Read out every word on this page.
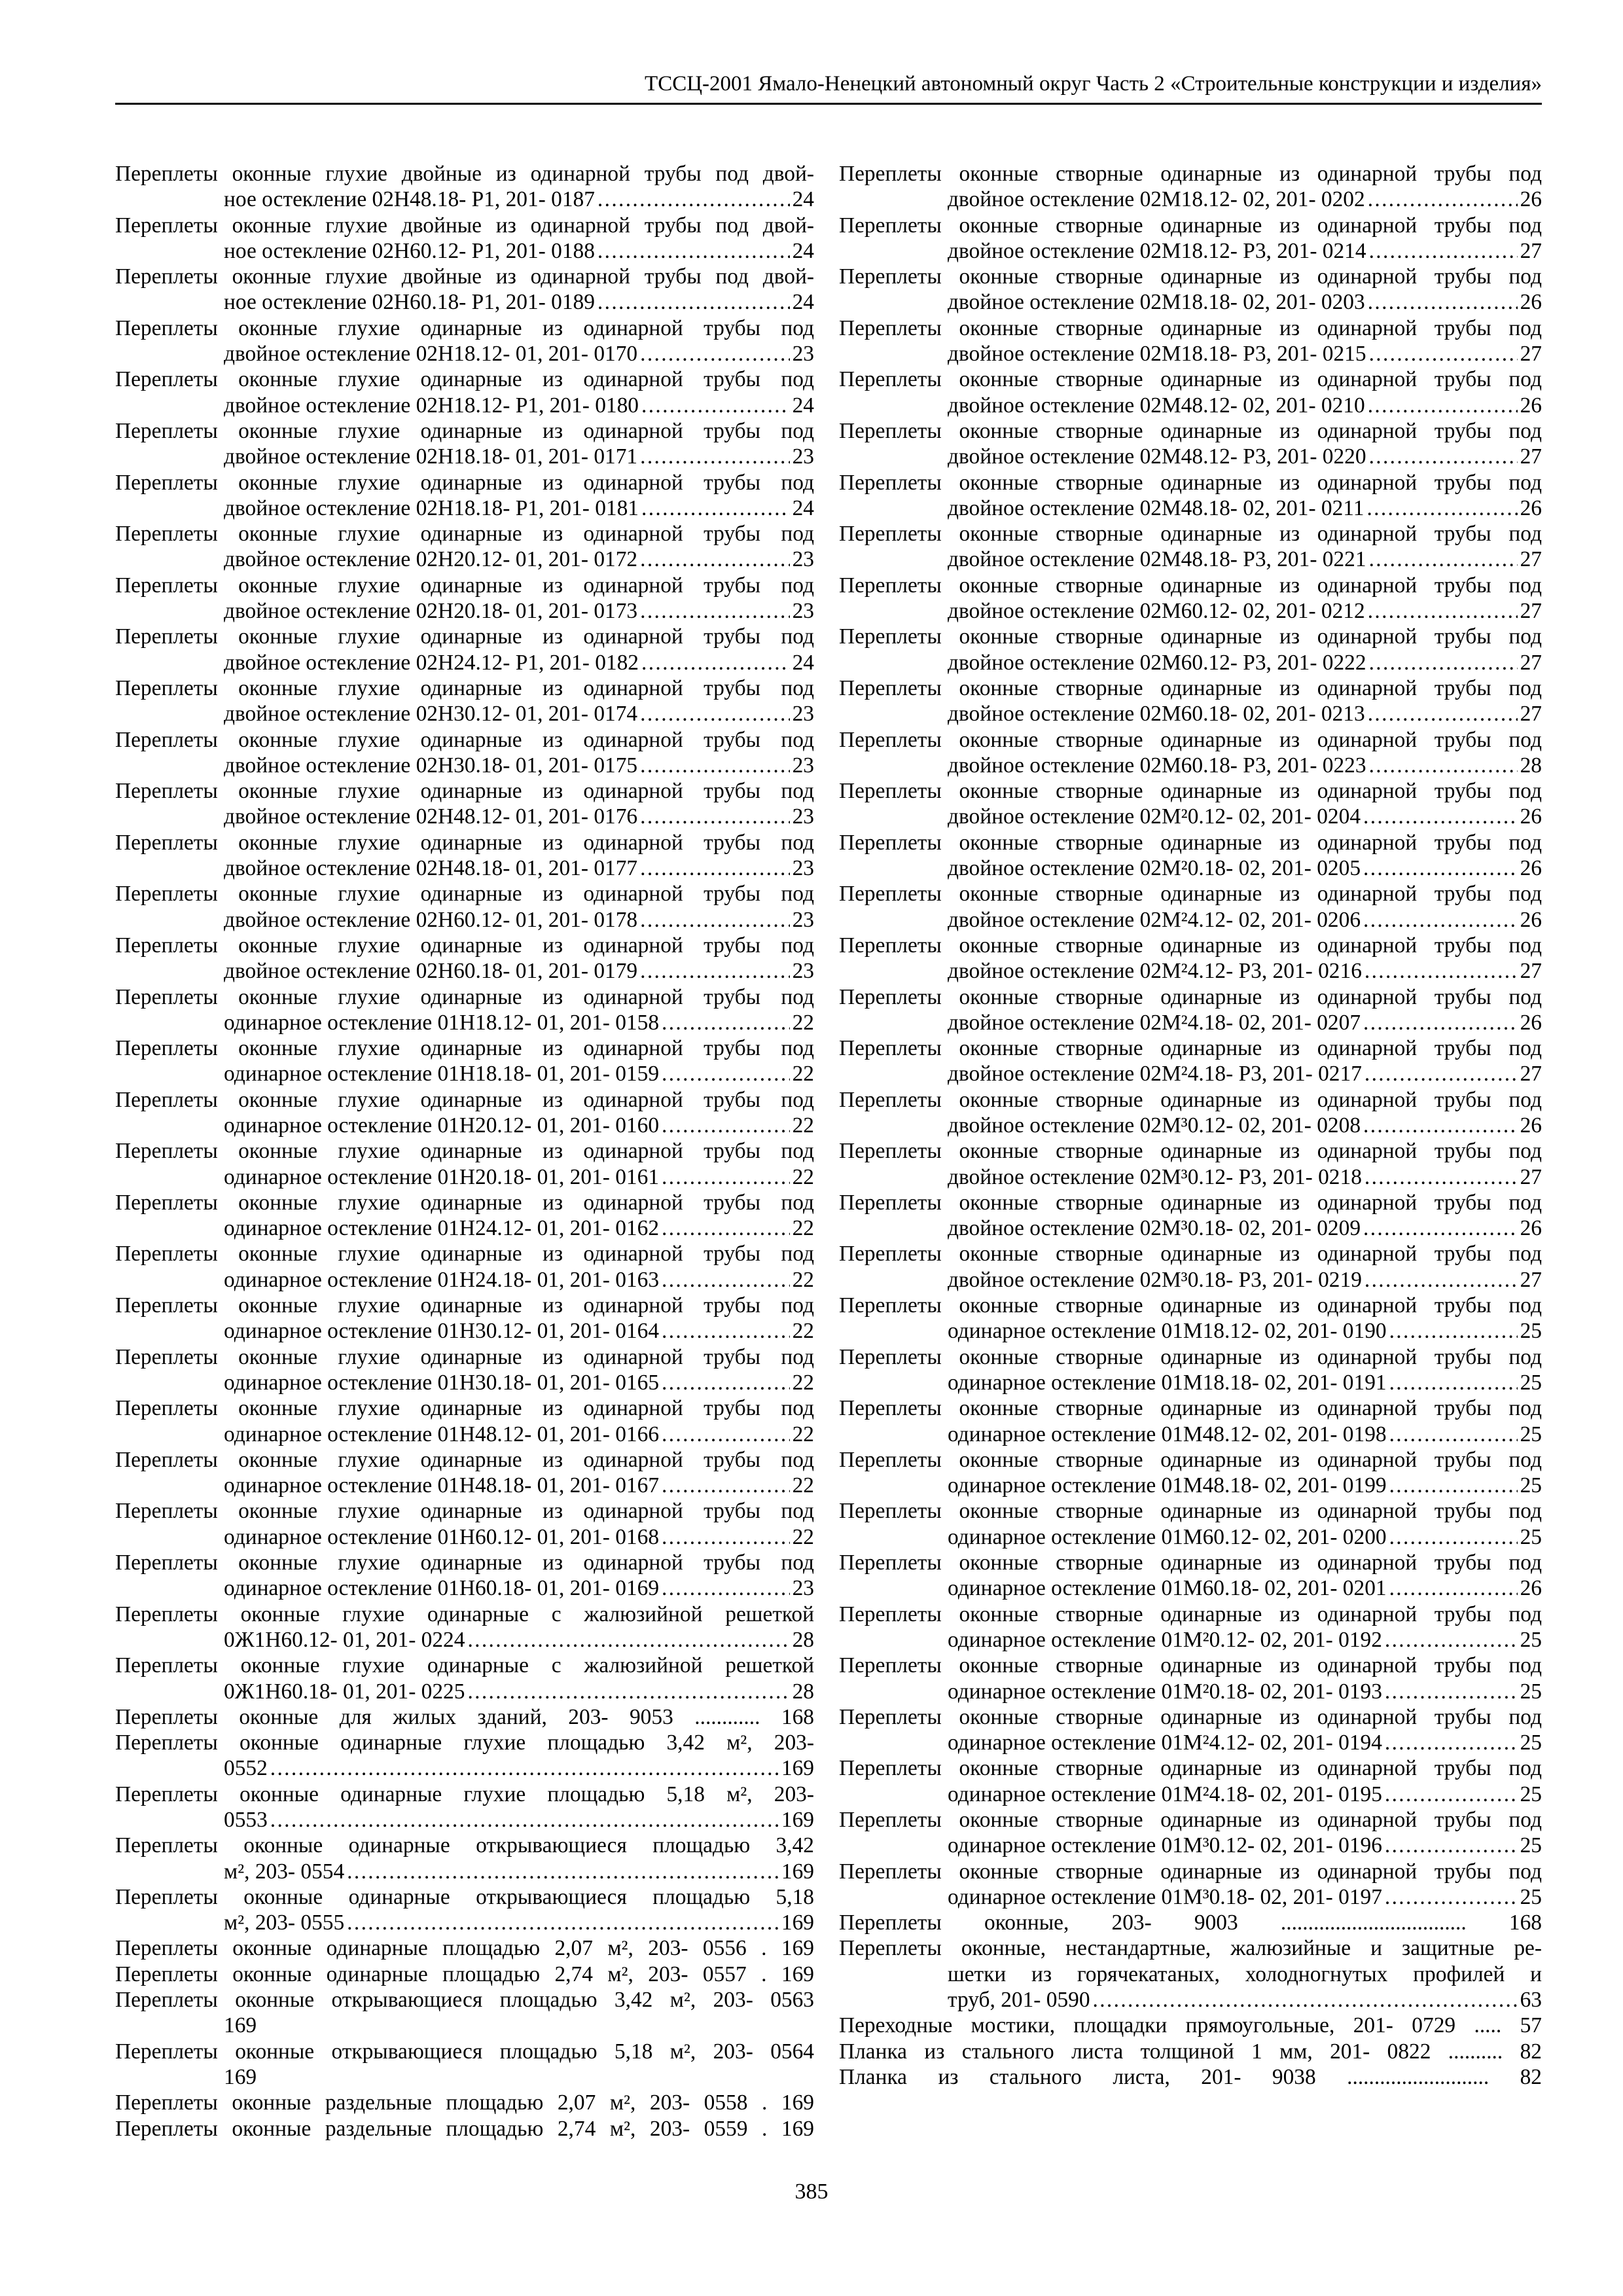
ТССЦ-2001 Ямало-Ненецкий автономный округ Часть 2 «Строительные конструкции и изделия»
Переплеты оконные глухие двойные из одинарной трубы под двой-
ное остекление 02Н48.18- Р1, 201- 0187 . . .	24
Переплеты оконные глухие двойные из одинарной трубы под двой-
ное остекление 02Н60.12- Р1, 201- 0188 . . .	24
Переплеты оконные глухие двойные из одинарной трубы под двой-
ное остекление 02Н60.18- Р1, 201- 0189 . . .	24
Переплеты оконные глухие одинарные из одинарной трубы под
двойное остекление 02Н18.12- 01, 201- 0170 . . .	23
Переплеты оконные глухие одинарные из одинарной трубы под
двойное остекление 02Н18.12- Р1, 201- 0180 . . .	24
Переплеты оконные глухие одинарные из одинарной трубы под
двойное остекление 02Н18.18- 01, 201- 0171 . . .	23
Переплеты оконные глухие одинарные из одинарной трубы под
двойное остекление 02Н18.18- Р1, 201- 0181 . . .	24
Переплеты оконные глухие одинарные из одинарной трубы под
двойное остекление 02Н20.12- 01, 201- 0172 . . .	23
Переплеты оконные глухие одинарные из одинарной трубы под
двойное остекление 02Н20.18- 01, 201- 0173 . . .	23
Переплеты оконные глухие одинарные из одинарной трубы под
двойное остекление 02Н24.12- Р1, 201- 0182 . . .	24
Переплеты оконные глухие одинарные из одинарной трубы под
двойное остекление 02Н30.12- 01, 201- 0174 . . .	23
Переплеты оконные глухие одинарные из одинарной трубы под
двойное остекление 02Н30.18- 01, 201- 0175 . . .	23
Переплеты оконные глухие одинарные из одинарной трубы под
двойное остекление 02Н48.12- 01, 201- 0176 . . .	23
Переплеты оконные глухие одинарные из одинарной трубы под
двойное остекление 02Н48.18- 01, 201- 0177 . . .	23
Переплеты оконные глухие одинарные из одинарной трубы под
двойное остекление 02Н60.12- 01, 201- 0178 . . .	23
Переплеты оконные глухие одинарные из одинарной трубы под
двойное остекление 02Н60.18- 01, 201- 0179 . . .	23
Переплеты оконные глухие одинарные из одинарной трубы под
одинарное остекление 01Н18.12- 01, 201- 0158 . . .	22
Переплеты оконные глухие одинарные из одинарной трубы под
одинарное остекление 01Н18.18- 01, 201- 0159 . . .	22
Переплеты оконные глухие одинарные из одинарной трубы под
одинарное остекление 01Н20.12- 01, 201- 0160 . . .	22
Переплеты оконные глухие одинарные из одинарной трубы под
одинарное остекление 01Н20.18- 01, 201- 0161 . . .	22
Переплеты оконные глухие одинарные из одинарной трубы под
одинарное остекление 01Н24.12- 01, 201- 0162 . . .	22
Переплеты оконные глухие одинарные из одинарной трубы под
одинарное остекление 01Н24.18- 01, 201- 0163 . . .	22
Переплеты оконные глухие одинарные из одинарной трубы под
одинарное остекление 01Н30.12- 01, 201- 0164 . . .	22
Переплеты оконные глухие одинарные из одинарной трубы под
одинарное остекление 01Н30.18- 01, 201- 0165 . . .	22
Переплеты оконные глухие одинарные из одинарной трубы под
одинарное остекление 01Н48.12- 01, 201- 0166 . . .	22
Переплеты оконные глухие одинарные из одинарной трубы под
одинарное остекление 01Н48.18- 01, 201- 0167 . . .	22
Переплеты оконные глухие одинарные из одинарной трубы под
одинарное остекление 01Н60.12- 01, 201- 0168 . . .	22
Переплеты оконные глухие одинарные из одинарной трубы под
одинарное остекление 01Н60.18- 01, 201- 0169 . . .	23
Переплеты оконные глухие одинарные с жалюзийной решеткой
0Ж1Н60.12- 01, 201- 0224 . . .	28
Переплеты оконные глухие одинарные с жалюзийной решеткой
0Ж1Н60.18- 01, 201- 0225 . . .	28
Переплеты оконные для жилых зданий, 203- 9053 ............ 168
Переплеты оконные одинарные глухие площадью 3,42 м², 203-
0552 . . .	169
Переплеты оконные одинарные глухие площадью 5,18 м², 203-
0553 . . .	169
Переплеты оконные одинарные открывающиеся площадью 3,42
м², 203- 0554 . . .	169
Переплеты оконные одинарные открывающиеся площадью 5,18
м², 203- 0555 . . .	169
Переплеты оконные одинарные площадью 2,07 м², 203- 0556 . 169
Переплеты оконные одинарные площадью 2,74 м², 203- 0557 . 169
Переплеты оконные открывающиеся площадью 3,42 м², 203- 0563
169
Переплеты оконные открывающиеся площадью 5,18 м², 203- 0564
169
Переплеты оконные раздельные площадью 2,07 м², 203- 0558 . 169
Переплеты оконные раздельные площадью 2,74 м², 203- 0559 . 169
Переплеты оконные створные одинарные из одинарной трубы под
двойное остекление 02М18.12- 02, 201- 0202 . . .	26
Переплеты оконные створные одинарные из одинарной трубы под
двойное остекление 02М18.12- Р3, 201- 0214 . . .	27
Переплеты оконные створные одинарные из одинарной трубы под
двойное остекление 02М18.18- 02, 201- 0203 . . .	26
Переплеты оконные створные одинарные из одинарной трубы под
двойное остекление 02М18.18- Р3, 201- 0215 . . .	27
Переплеты оконные створные одинарные из одинарной трубы под
двойное остекление 02М48.12- 02, 201- 0210 . . .	26
Переплеты оконные створные одинарные из одинарной трубы под
двойное остекление 02М48.12- Р3, 201- 0220 . . .	27
Переплеты оконные створные одинарные из одинарной трубы под
двойное остекление 02М48.18- 02, 201- 0211 . . .	26
Переплеты оконные створные одинарные из одинарной трубы под
двойное остекление 02М48.18- Р3, 201- 0221 . . .	27
Переплеты оконные створные одинарные из одинарной трубы под
двойное остекление 02М60.12- 02, 201- 0212 . . .	27
Переплеты оконные створные одинарные из одинарной трубы под
двойное остекление 02М60.12- Р3, 201- 0222 . . .	27
Переплеты оконные створные одинарные из одинарной трубы под
двойное остекление 02М60.18- 02, 201- 0213 . . .	27
Переплеты оконные створные одинарные из одинарной трубы под
двойное остекление 02М60.18- Р3, 201- 0223 . . .	28
Переплеты оконные створные одинарные из одинарной трубы под
двойное остекление 02М²0.12- 02, 201- 0204 . . .	26
Переплеты оконные створные одинарные из одинарной трубы под
двойное остекление 02М²0.18- 02, 201- 0205 . . .	26
Переплеты оконные створные одинарные из одинарной трубы под
двойное остекление 02М²4.12- 02, 201- 0206 . . .	26
Переплеты оконные створные одинарные из одинарной трубы под
двойное остекление 02М²4.12- Р3, 201- 0216 . . .	27
Переплеты оконные створные одинарные из одинарной трубы под
двойное остекление 02М²4.18- 02, 201- 0207 . . .	26
Переплеты оконные створные одинарные из одинарной трубы под
двойное остекление 02М²4.18- Р3, 201- 0217 . . .	27
Переплеты оконные створные одинарные из одинарной трубы под
двойное остекление 02М³0.12- 02, 201- 0208 . . .	26
Переплеты оконные створные одинарные из одинарной трубы под
двойное остекление 02М³0.12- Р3, 201- 0218 . . .	27
Переплеты оконные створные одинарные из одинарной трубы под
двойное остекление 02М³0.18- 02, 201- 0209 . . .	26
Переплеты оконные створные одинарные из одинарной трубы под
двойное остекление 02М³0.18- Р3, 201- 0219 . . .	27
Переплеты оконные створные одинарные из одинарной трубы под
одинарное остекление 01М18.12- 02, 201- 0190 . . .	25
Переплеты оконные створные одинарные из одинарной трубы под
одинарное остекление 01М18.18- 02, 201- 0191 . . .	25
Переплеты оконные створные одинарные из одинарной трубы под
одинарное остекление 01М48.12- 02, 201- 0198 . . .	25
Переплеты оконные створные одинарные из одинарной трубы под
одинарное остекление 01М48.18- 02, 201- 0199 . . .	25
Переплеты оконные створные одинарные из одинарной трубы под
одинарное остекление 01М60.12- 02, 201- 0200 . . .	25
Переплеты оконные створные одинарные из одинарной трубы под
одинарное остекление 01М60.18- 02, 201- 0201 . . .	26
Переплеты оконные створные одинарные из одинарной трубы под
одинарное остекление 01М²0.12- 02, 201- 0192 . . .	25
Переплеты оконные створные одинарные из одинарной трубы под
одинарное остекление 01М²0.18- 02, 201- 0193 . . .	25
Переплеты оконные створные одинарные из одинарной трубы под
одинарное остекление 01М²4.12- 02, 201- 0194 . . .	25
Переплеты оконные створные одинарные из одинарной трубы под
одинарное остекление 01М²4.18- 02, 201- 0195 . . .	25
Переплеты оконные створные одинарные из одинарной трубы под
одинарное остекление 01М³0.12- 02, 201- 0196 . . .	25
Переплеты оконные створные одинарные из одинарной трубы под
одинарное остекление 01М³0.18- 02, 201- 0197 . . .	25
Переплеты оконные, 203- 9003 .................................. 168
Переплеты оконные, нестандартные, жалюзийные и защитные ре-
шетки из горячекатаных, холодногнутых профилей и
труб, 201- 0590 . . .	63
Переходные мостики, площадки прямоугольные, 201- 0729 ..... 57
Планка из стального листа толщиной 1 мм, 201- 0822 .......... 82
Планка из стального листа, 201- 9038 .......................... 82
385
